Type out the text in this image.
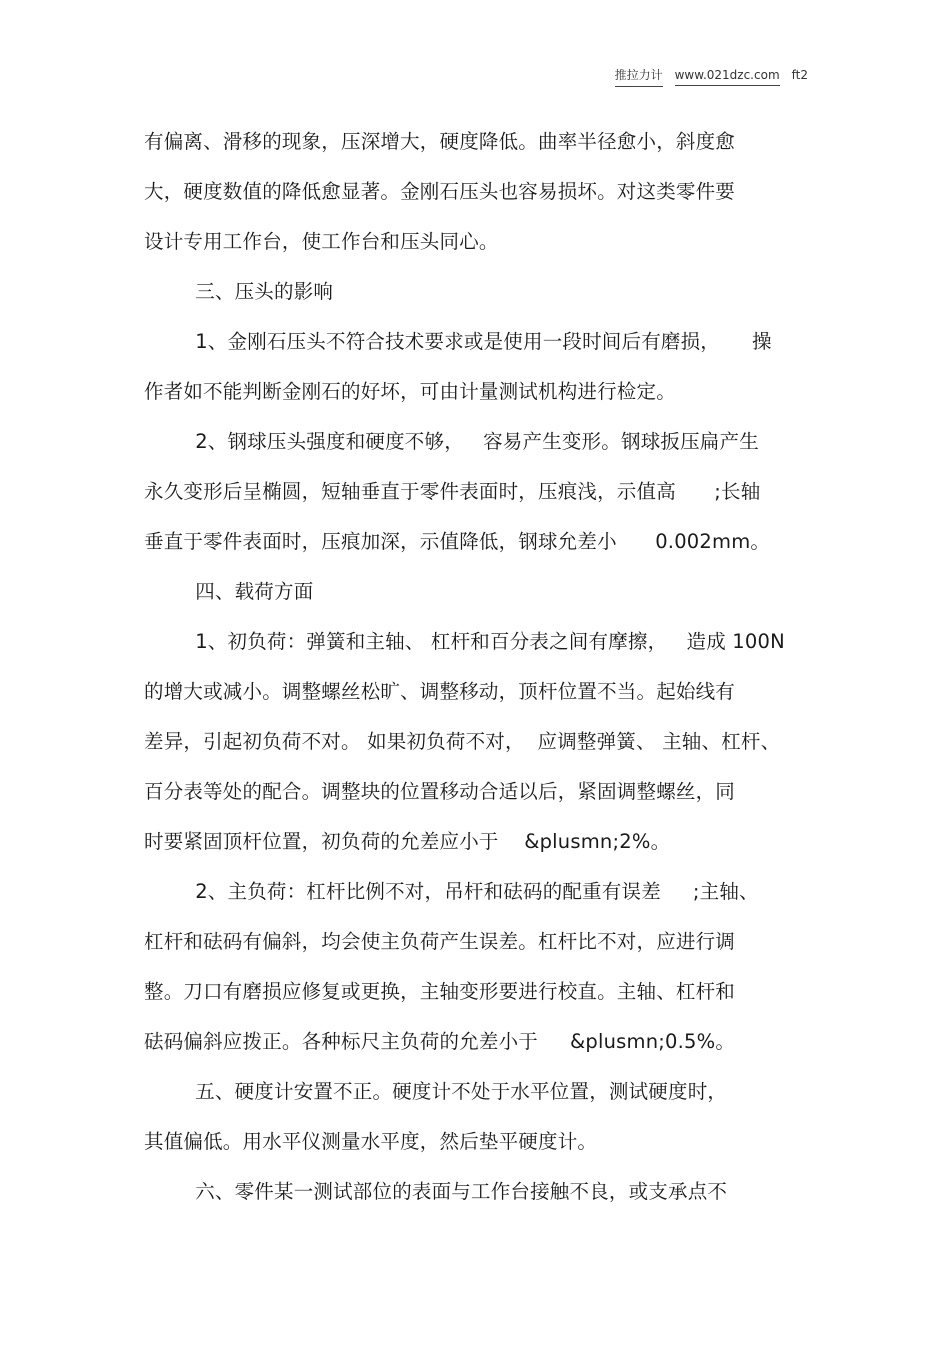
推拉力计 www.021dzc.com ft2
有偏离、滑移的现象，压深增大，硬度降低。曲率半径愈小，斜度愈
大，硬度数值的降低愈显著。金刚石压头也容易损坏。对这类零件要
设计专用工作台，使工作台和压头同心。
三、压头的影响
1、金刚石压头不符合技术要求或是使用一段时间后有磨损，     操
作者如不能判断金刚石的好坏，可由计量测试机构进行检定。
2、钢球压头强度和硬度不够，   容易产生变形。钢球扳压扁产生
永久变形后呈椭圆，短轴垂直于零件表面时，压痕浅，示值高      ;长轴
垂直于零件表面时，压痕加深，示值降低，钢球允差小      0.002mm。
四、载荷方面
1、初负荷：弹簧和主轴、 杠杆和百分表之间有摩擦，   造成 100N
的增大或减小。调整螺丝松旷、调整移动，顶杆位置不当。起始线有
差异，引起初负荷不对。 如果初负荷不对，  应调整弹簧、 主轴、杠杆、
百分表等处的配合。调整块的位置移动合适以后，紧固调整螺丝，同
时要紧固顶杆位置，初负荷的允差应小于    &plusmn;2%。
2、主负荷：杠杆比例不对，吊杆和砝码的配重有误差     ;主轴、
杠杆和砝码有偏斜，均会使主负荷产生误差。杠杆比不对，应进行调
整。刀口有磨损应修复或更换，主轴变形要进行校直。主轴、杠杆和
砝码偏斜应拨正。各种标尺主负荷的允差小于     &plusmn;0.5%。
五、硬度计安置不正。硬度计不处于水平位置，测试硬度时，
其值偏低。用水平仪测量水平度，然后垫平硬度计。
六、零件某一测试部位的表面与工作台接触不良，或支承点不
